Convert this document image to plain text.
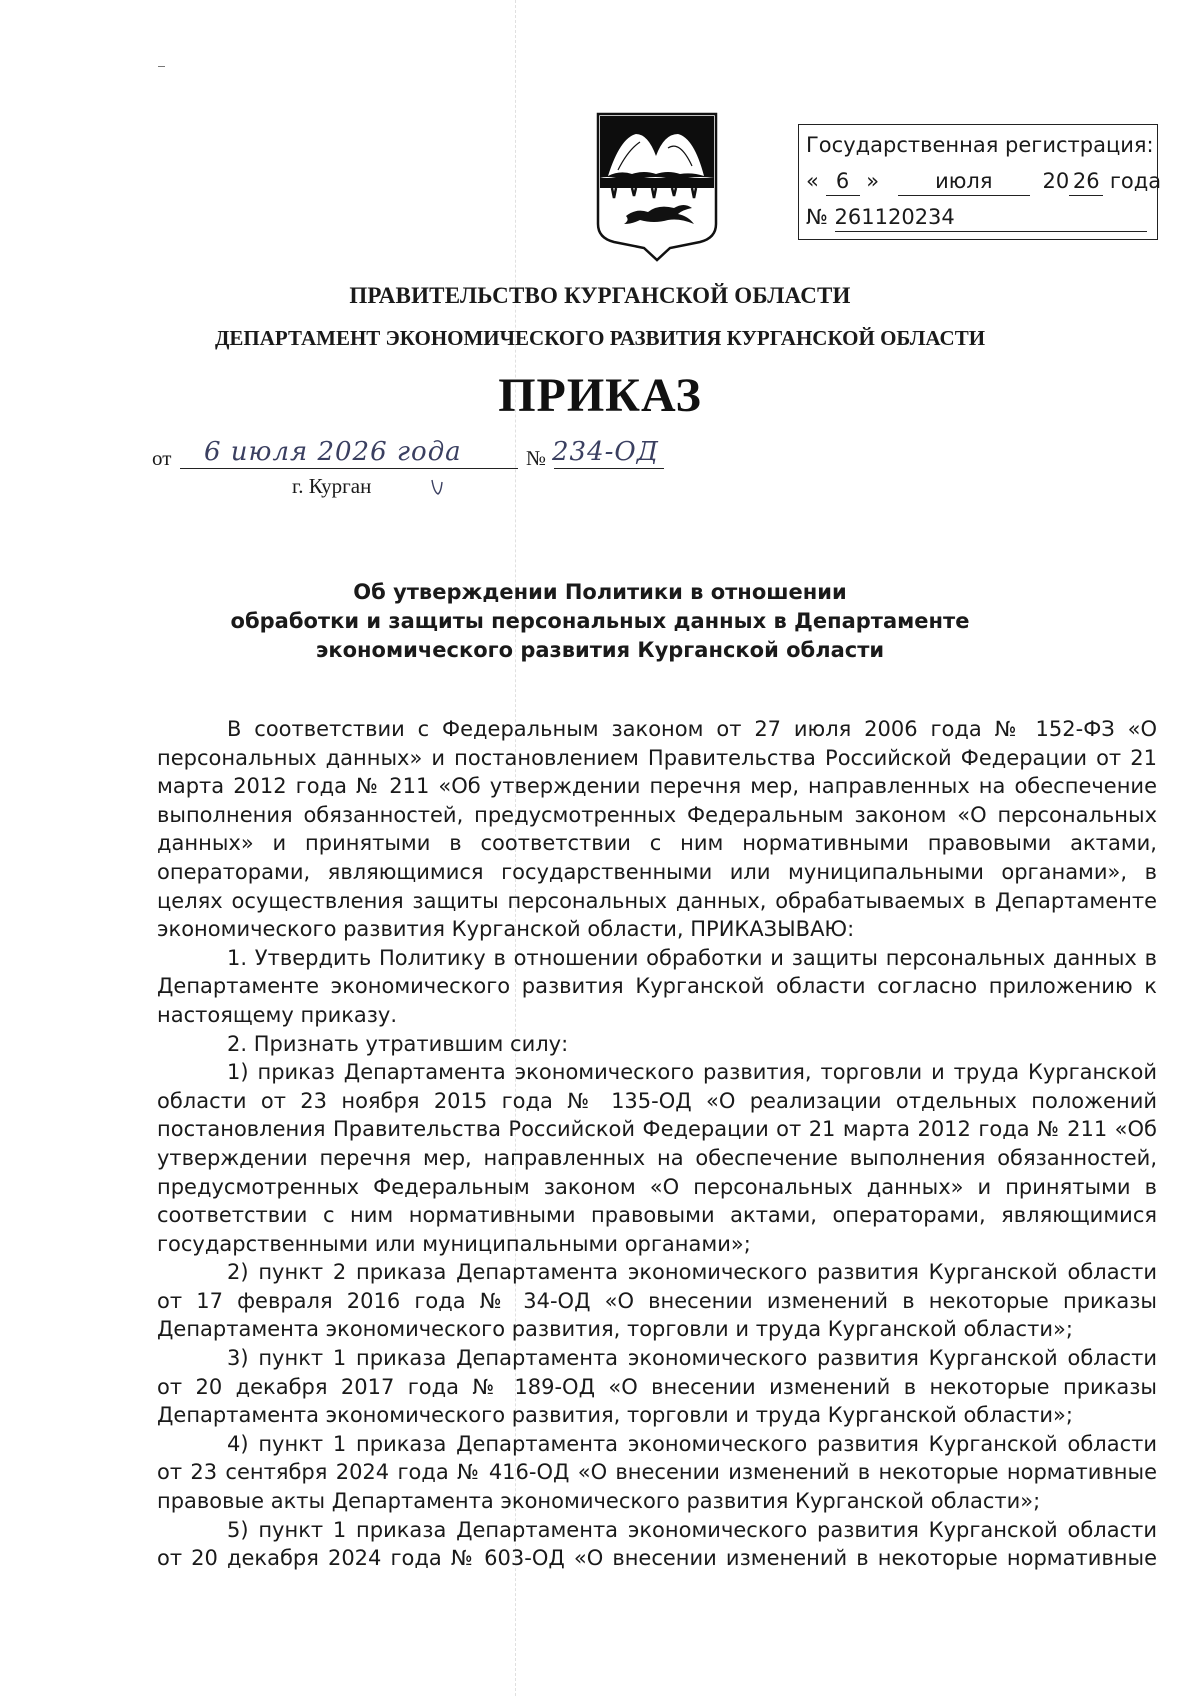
Государственная регистрация:
« 6 »	июля 20 26 года
№ 261120234
ПРАВИТЕЛЬСТВО КУРГАНСКОЙ ОБЛАСТИ
ДЕПАРТАМЕНТ ЭКОНОМИЧЕСКОГО РАЗВИТИЯ КУРГАНСКОЙ ОБЛАСТИ
ПРИКАЗ
от 6 июля 2026 года	№ 234-ОД
г. Курган
Об утверждении Политики в отношении
обработки и защиты персональных данных в Департаменте
экономического развития Курганской области

В соответствии с Федеральным законом от 27 июля 2006 года № 152-ФЗ «О персональных данных» и постановлением Правительства Российской Федерации от 21 марта 2012 года № 211 «Об утверждении перечня мер, направленных на обеспечение выполнения обязанностей, предусмотренных Федеральным законом «О персональных данных» и принятыми в соответствии с ним нормативными правовыми актами, операторами, являющимися государственными или муниципальными органами», в целях осуществления защиты персональных данных, обрабатываемых в Департаменте экономического развития Курганской области, ПРИКАЗЫВАЮ:

1. Утвердить Политику в отношении обработки и защиты персональных данных в Департаменте экономического развития Курганской области согласно приложению к настоящему приказу.

2. Признать утратившим силу:

1) приказ Департамента экономического развития, торговли и труда Курганской области от 23 ноября 2015 года № 135-ОД «О реализации отдельных положений постановления Правительства Российской Федерации от 21 марта 2012 года № 211 «Об утверждении перечня мер, направленных на обеспечение выполнения обязанностей, предусмотренных Федеральным законом «О персональных данных» и принятыми в соответствии с ним нормативными правовыми актами, операторами, являющимися государственными или муниципальными органами»;

2) пункт 2 приказа Департамента экономического развития Курганской области от 17 февраля 2016 года № 34-ОД «О внесении изменений в некоторые приказы Департамента экономического развития, торговли и труда Курганской области»;

3) пункт 1 приказа Департамента экономического развития Курганской области от 20 декабря 2017 года № 189-ОД «О внесении изменений в некоторые приказы Департамента экономического развития, торговли и труда Курганской области»;

4) пункт 1 приказа Департамента экономического развития Курганской области от 23 сентября 2024 года № 416-ОД «О внесении изменений в некоторые нормативные правовые акты Департамента экономического развития Курганской области»;

5) пункт 1 приказа Департамента экономического развития Курганской области от 20 декабря 2024 года № 603-ОД «О внесении изменений в некоторые нормативные
